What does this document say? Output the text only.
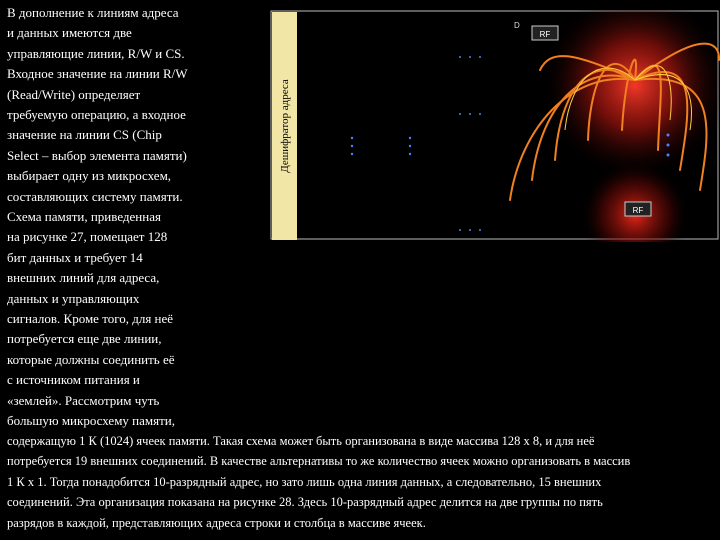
В дополнение к линиям адреса
и данных имеются две
управляющие линии, R/W и CS.
Входное значение на линии R/W
(Read/Write) определяет
требуемую операцию, а входное
значение на линии CS (Chip
Select – выбор элемента памяти)
выбирает одну из микросхем,
составляющих систему памяти.
Схема памяти, приведенная
на рисунке 27, помещает 128
бит данных и требует 14
внешних линий для адреса,
данных и управляющих
сигналов. Кроме того, для неё
потребуется еще две линии,
которые должны соединить её
с источником питания и
«землей». Рассмотрим чуть
большую микросхему памяти,
содержащую 1 К (1024) ячеек памяти. Такая схема может быть организована в виде массива 128 х 8, и для неё
потребуется 19 внешних соединений. В качестве альтернативы то же количество ячеек можно организовать в массив
1 К х 1. Тогда понадобится 10-разрядный адрес, но зато лишь одна линия данных, а следовательно, 15 внешних
соединений. Эта организация показана на рисунке 28. Здесь 10-разрядный адрес делится на две группы по пять
разрядов в каждой, представляющих адреса строки и столбца в массиве ячеек.
RF
RF
D
Дешифратор адреса
